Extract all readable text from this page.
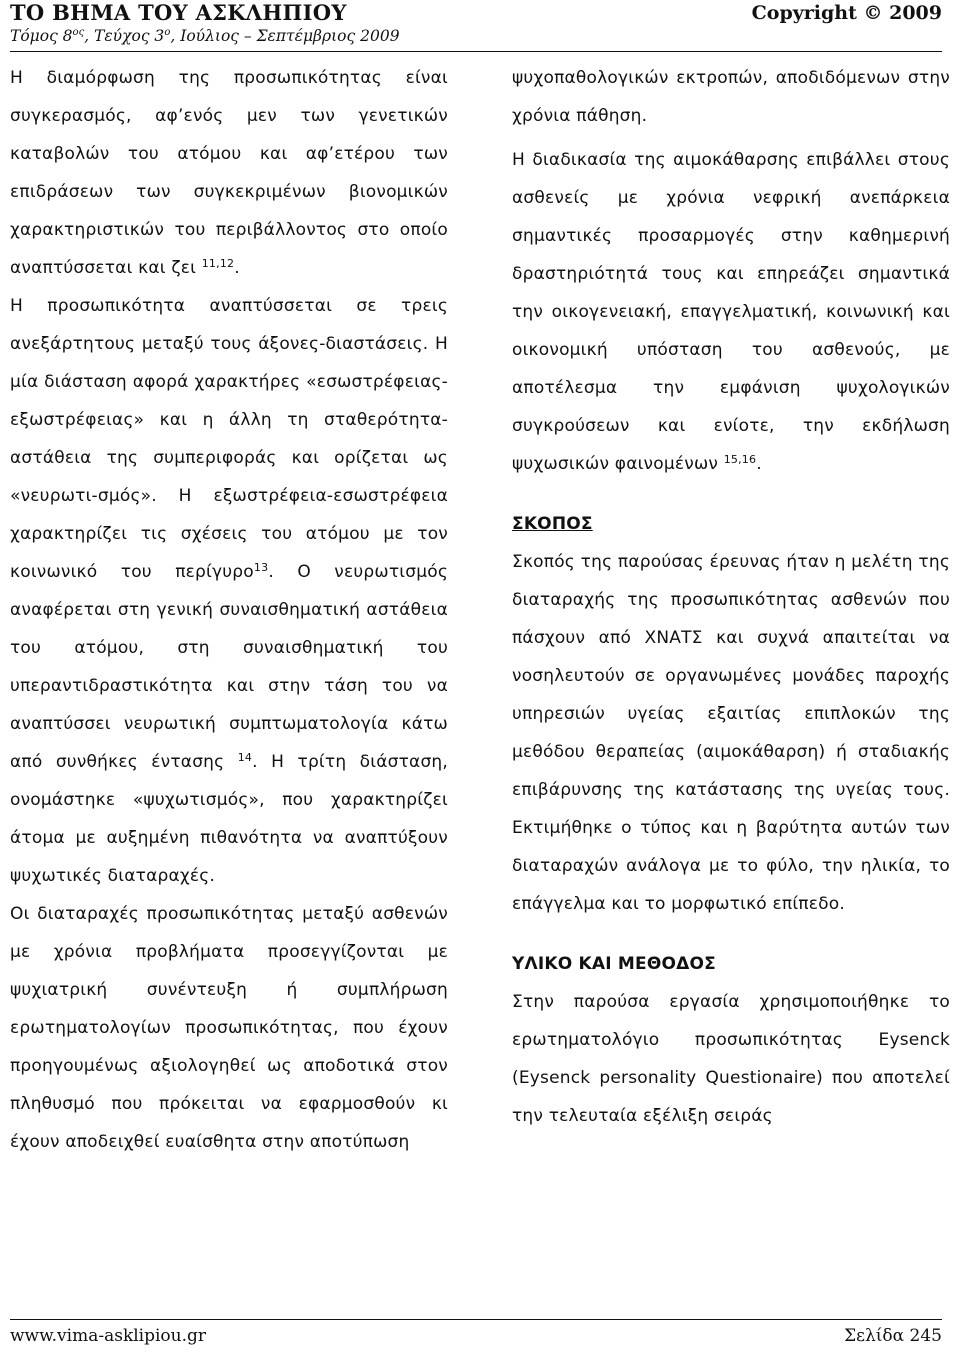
ΤΟ ΒΗΜΑ ΤΟΥ ΑΣΚΛΗΠΙΟΥ
Τόμος $8^{o\varsigma}$, Τεύχος $3^o$, Ιούλιος – Σεπτέμβριος 2009
Copyright © 2009

Η διαμόρφωση της προσωπικότητας είναι συγκερασμός, αφ’ενός μεν των γενετικών καταβολών του ατόμου και αφ’ετέρου των επιδράσεων των συγκεκριμένων βιονομικών χαρακτηριστικών του περιβάλλοντος στο οποίο αναπτύσσεται και ζει $^{11,12}$.

Η προσωπικότητα αναπτύσσεται σε τρεις ανεξάρτητους μεταξύ τους άξονες-διαστάσεις. Η μία διάσταση αφορά χαρακτήρες «εσωστρέφειας-εξωστρέφειας» και η άλλη τη σταθερότητα-αστάθεια της συμπεριφοράς και ορίζεται ως «νευρωτι-σμός». Η εξωστρέφεια-εσωστρέφεια χαρακτηρίζει τις σχέσεις του ατόμου με τον κοινωνικό του περίγυρο$^{13}$. Ο νευρωτισμός αναφέρεται στη γενική συναισθηματική αστάθεια του ατόμου, στη συναισθηματική του υπεραντιδραστικότητα και στην τάση του να αναπτύσσει νευρωτική συμπτωματολογία κάτω από συνθήκες έντασης $^{14}$. Η τρίτη διάσταση, ονομάστηκε «ψυχωτισμός», που χαρακτηρίζει άτομα με αυξημένη πιθανότητα να αναπτύξουν ψυχωτικές διαταραχές.

Οι διαταραχές προσωπικότητας μεταξύ ασθενών με χρόνια προβλήματα προσεγγίζονται με ψυχιατρική συνέντευξη ή συμπλήρωση ερωτηματολογίων προσωπικότητας, που έχουν προηγουμένως αξιολογηθεί ως αποδοτικά στον πληθυσμό που πρόκειται να εφαρμοσθούν κι έχουν αποδειχθεί ευαίσθητα στην αποτύπωση

ψυχοπαθολογικών εκτροπών, αποδιδόμενων στην χρόνια πάθηση.

Η διαδικασία της αιμοκάθαρσης επιβάλλει στους ασθενείς με χρόνια νεφρική ανεπάρκεια σημαντικές προσαρμογές στην καθημερινή δραστηριότητά τους και επηρεάζει σημαντικά την οικογενειακή, επαγγελματική, κοινωνική και οικονομική υπόσταση του ασθενούς, με αποτέλεσμα την εμφάνιση ψυχολογικών συγκρούσεων και ενίοτε, την εκδήλωση ψυχωσικών φαινομένων $^{15,16}$.

ΣΚΟΠΟΣ

Σκοπός της παρούσας έρευνας ήταν η μελέτη της διαταραχής της προσωπικότητας ασθενών που πάσχουν από ΧΝΑΤΣ και συχνά απαιτείται να νοσηλευτούν σε οργανωμένες μονάδες παροχής υπηρεσιών υγείας εξαιτίας επιπλοκών της μεθόδου θεραπείας (αιμοκάθαρση) ή σταδιακής επιβάρυνσης της κατάστασης της υγείας τους. Εκτιμήθηκε ο τύπος και η βαρύτητα αυτών των διαταραχών ανάλογα με το φύλο, την ηλικία, το επάγγελμα και το μορφωτικό επίπεδο.

ΥΛΙΚΟ ΚΑΙ ΜΕΘΟΔΟΣ

Στην παρούσα εργασία χρησιμοποιήθηκε το ερωτηματολόγιο προσωπικότητας Eysenck (Eysenck personality Questionaire) που αποτελεί την τελευταία εξέλιξη σειράς

www.vima-asklipiou.gr	Σελίδα 245
